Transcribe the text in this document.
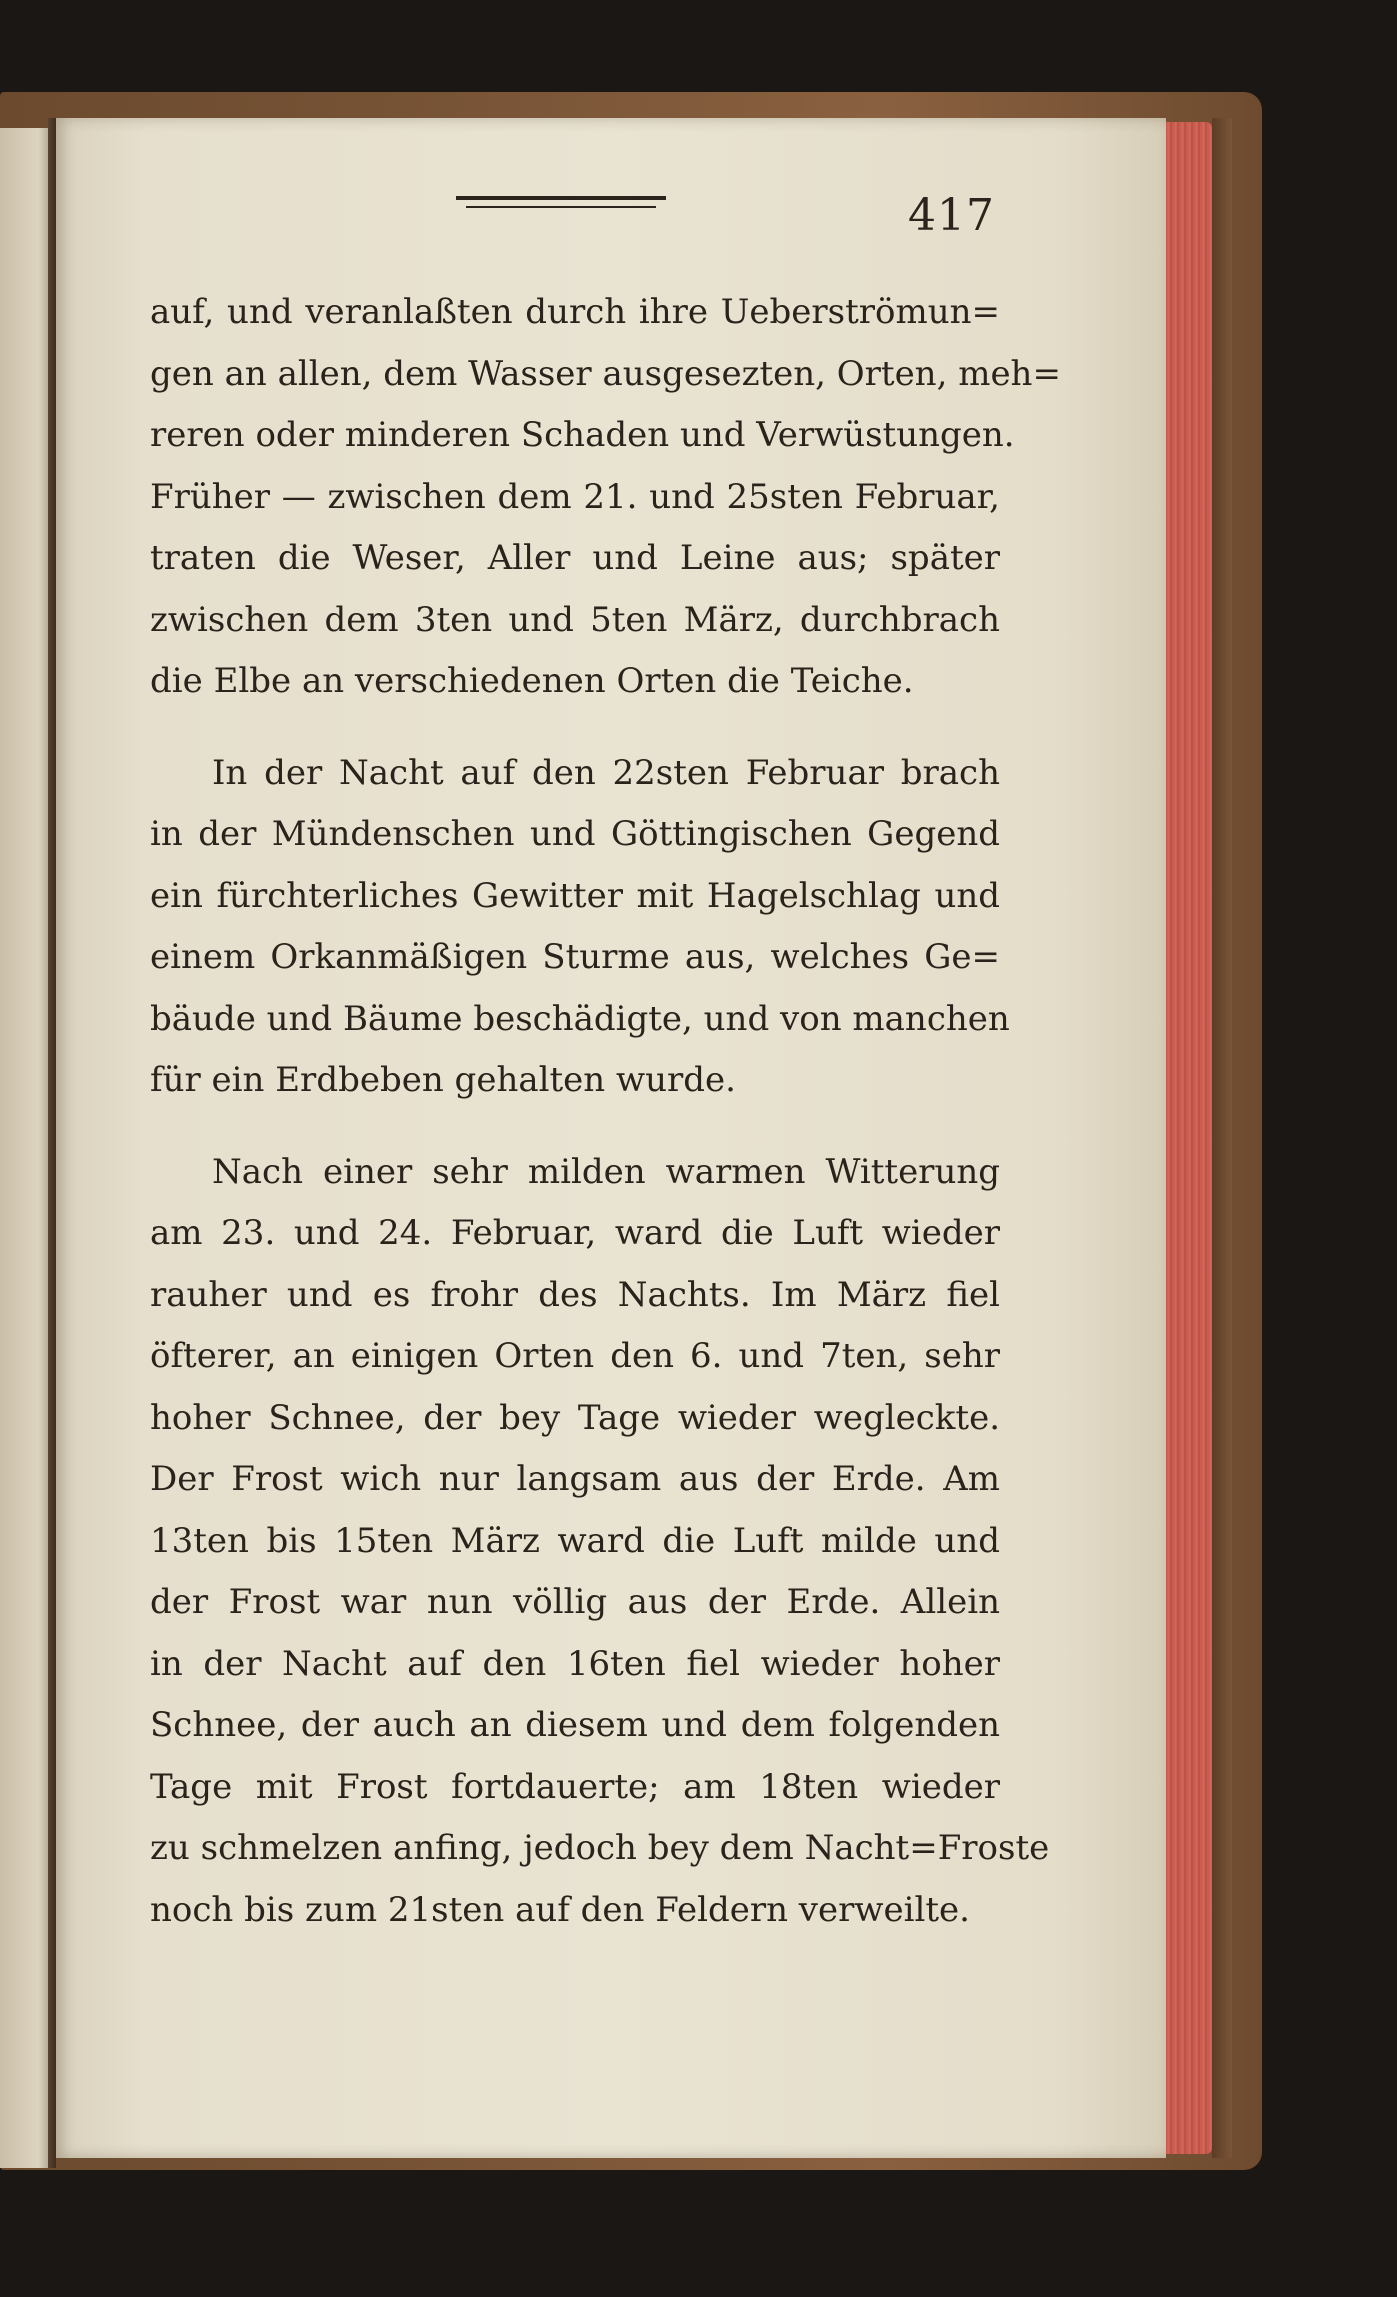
417
auf, und veranlaßten durch ihre Ueberströmun=
gen an allen, dem Wasser ausgesezten, Orten, meh=
reren oder minderen Schaden und Verwüstungen.
Früher — zwischen dem 21. und 25sten Februar,
traten die Weser, Aller und Leine aus; später
zwischen dem 3ten und 5ten März, durchbrach
die Elbe an verschiedenen Orten die Teiche.
In der Nacht auf den 22sten Februar brach
in der Mündenschen und Göttingischen Gegend
ein fürchterliches Gewitter mit Hagelschlag und
einem Orkanmäßigen Sturme aus, welches Ge=
bäude und Bäume beschädigte, und von manchen
für ein Erdbeben gehalten wurde.
Nach einer sehr milden warmen Witterung
am 23. und 24. Februar, ward die Luft wieder
rauher und es frohr des Nachts. Im März fiel
öfterer, an einigen Orten den 6. und 7ten, sehr
hoher Schnee, der bey Tage wieder wegleckte.
Der Frost wich nur langsam aus der Erde. Am
13ten bis 15ten März ward die Luft milde und
der Frost war nun völlig aus der Erde. Allein
in der Nacht auf den 16ten fiel wieder hoher
Schnee, der auch an diesem und dem folgenden
Tage mit Frost fortdauerte; am 18ten wieder
zu schmelzen anfing, jedoch bey dem Nacht=Froste
noch bis zum 21sten auf den Feldern verweilte.
